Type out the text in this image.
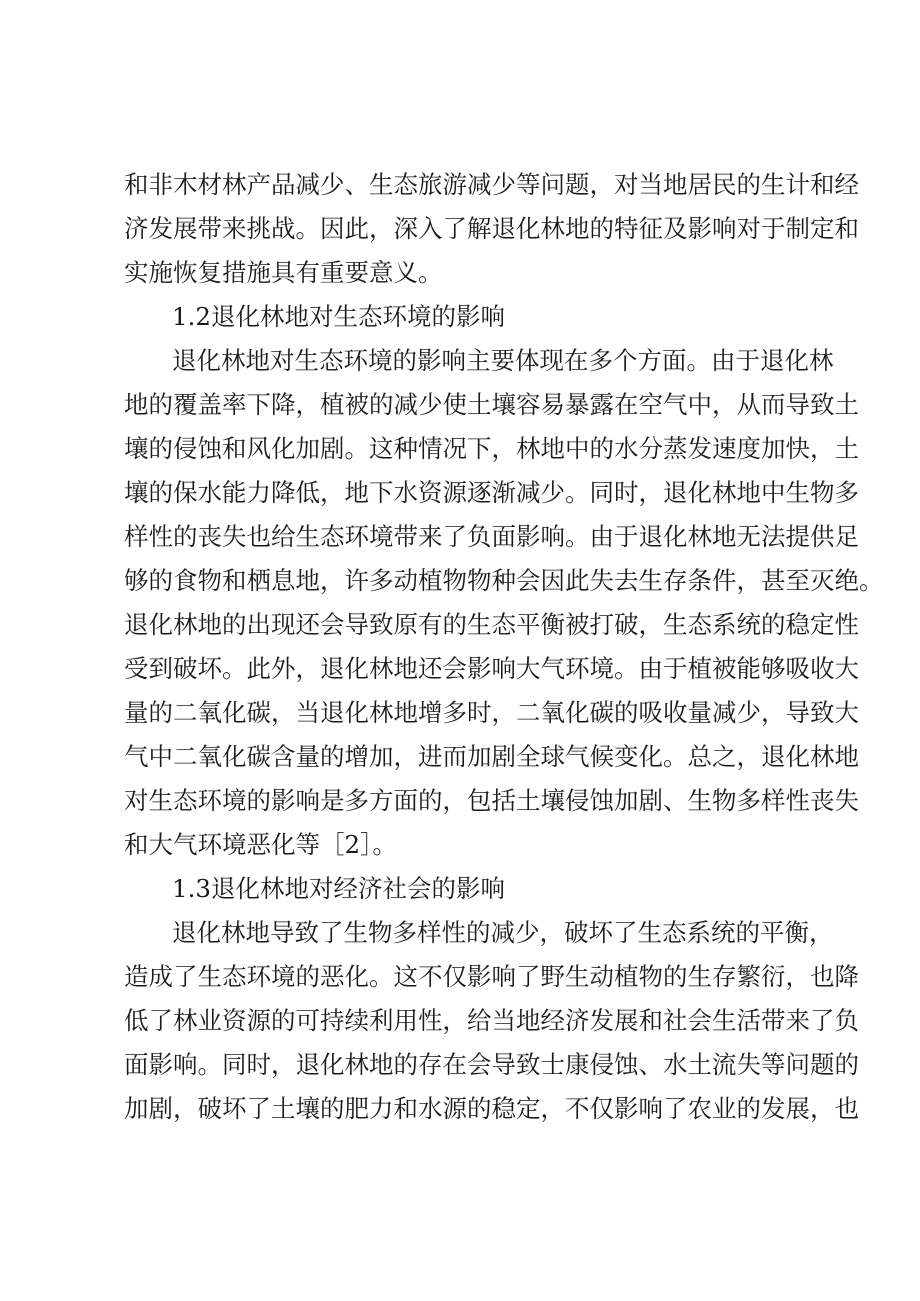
和非木材林产品减少、生态旅游减少等问题，对当地居民的生计和经
济发展带来挑战。因此，深入了解退化林地的特征及影响对于制定和
实施恢复措施具有重要意义。
1.2退化林地对生态环境的影响
退化林地对生态环境的影响主要体现在多个方面。由于退化林
地的覆盖率下降，植被的减少使土壤容易暴露在空气中，从而导致土
壤的侵蚀和风化加剧。这种情况下，林地中的水分蒸发速度加快，土
壤的保水能力降低，地下水资源逐渐减少。同时，退化林地中生物多
样性的丧失也给生态环境带来了负面影响。由于退化林地无法提供足
够的食物和栖息地，许多动植物物种会因此失去生存条件，甚至灭绝。
退化林地的出现还会导致原有的生态平衡被打破，生态系统的稳定性
受到破坏。此外，退化林地还会影响大气环境。由于植被能够吸收大
量的二氧化碳，当退化林地增多时，二氧化碳的吸收量减少，导致大
气中二氧化碳含量的增加，进而加剧全球气候变化。总之，退化林地
对生态环境的影响是多方面的，包括土壤侵蚀加剧、生物多样性丧失
和大气环境恶化等［2］。
1.3退化林地对经济社会的影响
退化林地导致了生物多样性的减少，破坏了生态系统的平衡，
造成了生态环境的恶化。这不仅影响了野生动植物的生存繁衍，也降
低了林业资源的可持续利用性，给当地经济发展和社会生活带来了负
面影响。同时，退化林地的存在会导致士康侵蚀、水土流失等问题的
加剧，破坏了土壤的肥力和水源的稳定，不仅影响了农业的发展，也
